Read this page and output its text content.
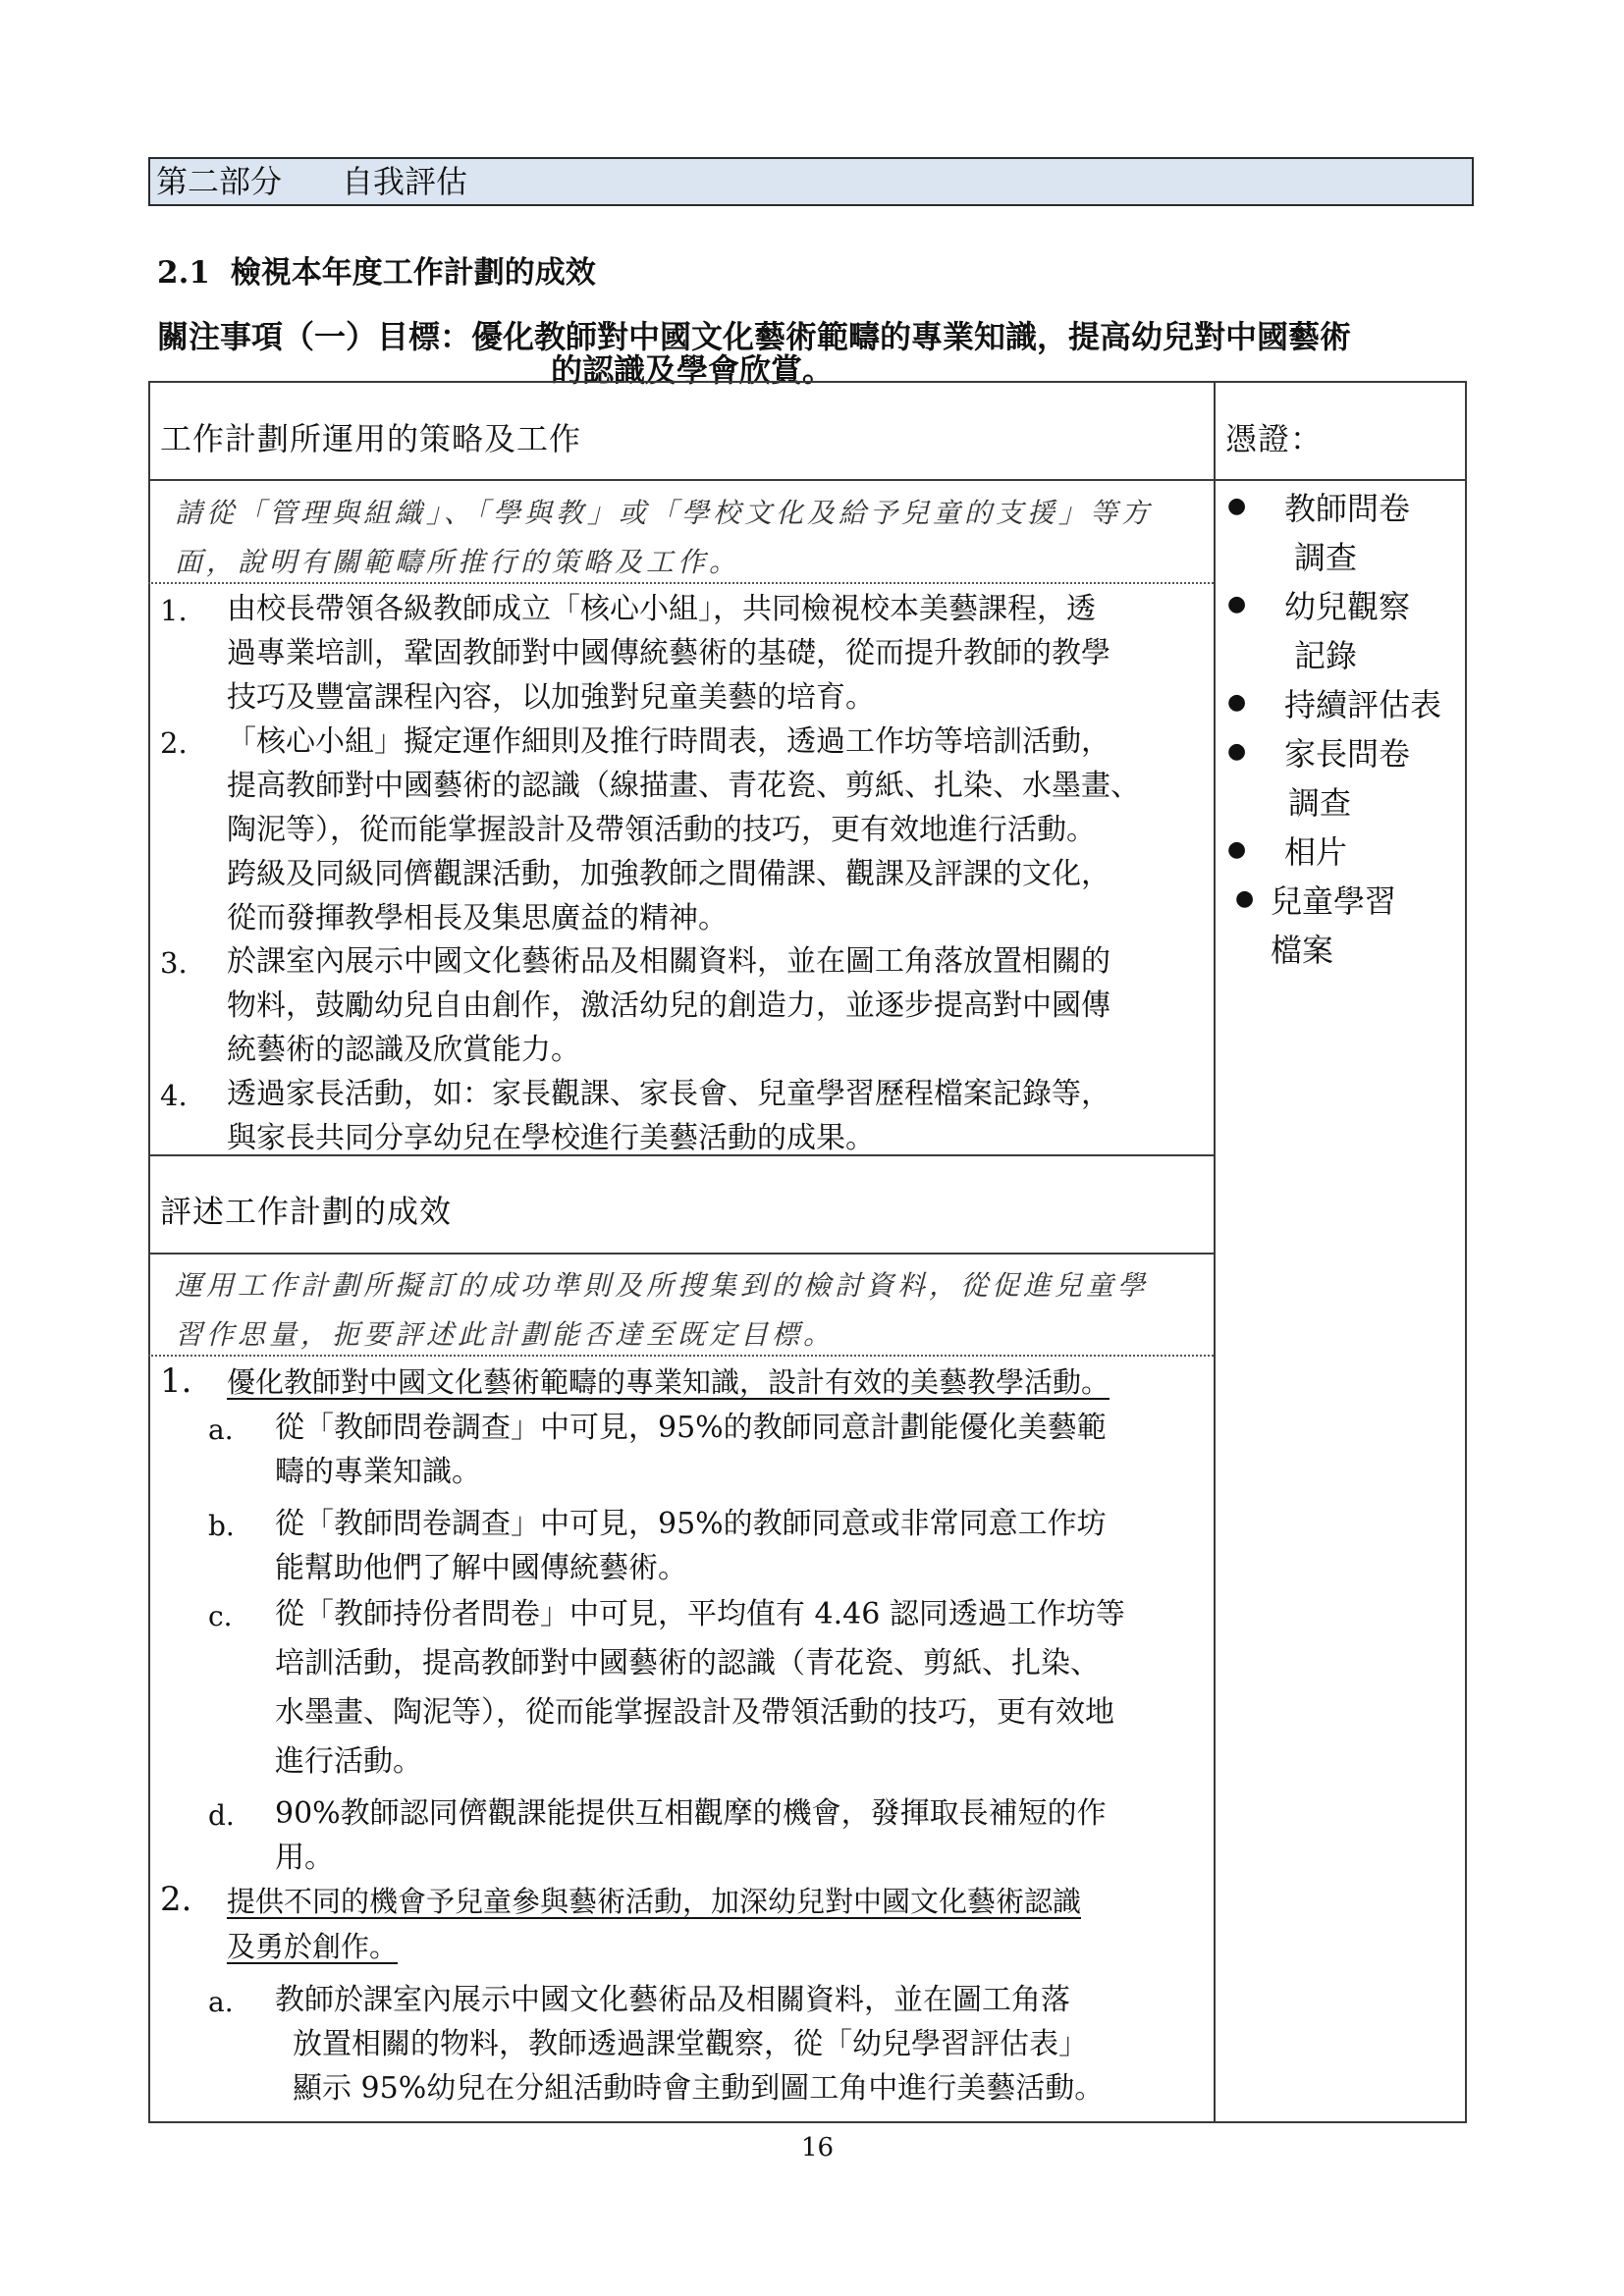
第二部分 自我評估
2.1 檢視本年度工作計劃的成效
關注事項（一）目標：優化教師對中國文化藝術範疇的專業知識，提高幼兒對中國藝術
的認識及學會欣賞。
工作計劃所運用的策略及工作	憑證：
請從「管理與組織」、「學與教」或「學校文化及給予兒童的支援」等方
面，說明有關範疇所推行的策略及工作。
1. 由校長帶領各級教師成立「核心小組」，共同檢視校本美藝課程，透
過專業培訓，鞏固教師對中國傳統藝術的基礎，從而提升教師的教學
技巧及豐富課程內容，以加強對兒童美藝的培育。
2. 「核心小組」擬定運作細則及推行時間表，透過工作坊等培訓活動，
提高教師對中國藝術的認識（線描畫、青花瓷、剪紙、扎染、水墨畫、
陶泥等），從而能掌握設計及帶領活動的技巧，更有效地進行活動。
跨級及同級同儕觀課活動，加強教師之間備課、觀課及評課的文化，
從而發揮教學相長及集思廣益的精神。
3. 於課室內展示中國文化藝術品及相關資料，並在圖工角落放置相關的
物料，鼓勵幼兒自由創作，激活幼兒的創造力，並逐步提高對中國傳
統藝術的認識及欣賞能力。
4. 透過家長活動，如：家長觀課、家長會、兒童學習歷程檔案記錄等，
與家長共同分享幼兒在學校進行美藝活動的成果。
● 教師問卷
調查
● 幼兒觀察
記錄
● 持續評估表
● 家長問卷
調查
● 相片
● 兒童學習
檔案
評述工作計劃的成效
運用工作計劃所擬訂的成功準則及所搜集到的檢討資料，從促進兒童學
習作思量，扼要評述此計劃能否達至既定目標。
1. 優化教師對中國文化藝術範疇的專業知識，設計有效的美藝教學活動。
a. 從「教師問卷調查」中可見，95%的教師同意計劃能優化美藝範
疇的專業知識。
b. 從「教師問卷調查」中可見，95%的教師同意或非常同意工作坊
能幫助他們了解中國傳統藝術。
c. 從「教師持份者問卷」中可見，平均值有 4.46 認同透過工作坊等
培訓活動，提高教師對中國藝術的認識（青花瓷、剪紙、扎染、
水墨畫、陶泥等），從而能掌握設計及帶領活動的技巧，更有效地
進行活動。
d. 90%教師認同儕觀課能提供互相觀摩的機會，發揮取長補短的作
用。
2. 提供不同的機會予兒童參與藝術活動，加深幼兒對中國文化藝術認識
及勇於創作。
a. 教師於課室內展示中國文化藝術品及相關資料，並在圖工角落
放置相關的物料，教師透過課堂觀察，從「幼兒學習評估表」
顯示 95%幼兒在分組活動時會主動到圖工角中進行美藝活動。
16
